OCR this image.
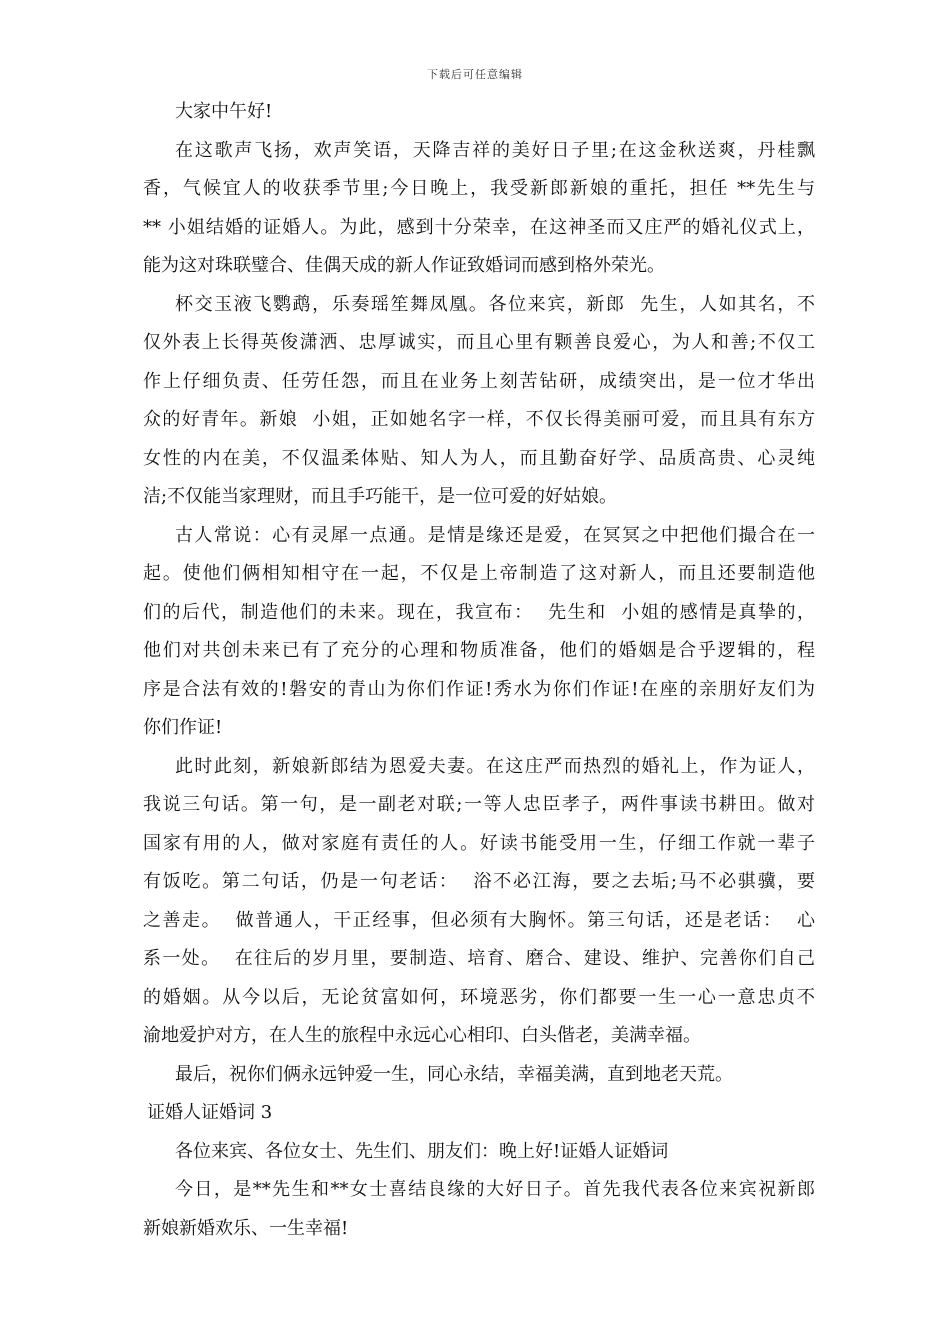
下载后可任意编辑
大家中午好!
在这歌声飞扬，欢声笑语，天降吉祥的美好日子里;在这金秋送爽，丹桂飘
香，气候宜人的收获季节里;今日晚上，我受新郎新娘的重托，担任 **先生与
** 小姐结婚的证婚人。为此，感到十分荣幸，在这神圣而又庄严的婚礼仪式上，
能为这对珠联璧合、佳偶天成的新人作证致婚词而感到格外荣光。
杯交玉液飞鹦鹉，乐奏瑶笙舞凤凰。各位来宾，新郎  先生，人如其名，不
仅外表上长得英俊潇洒、忠厚诚实，而且心里有颗善良爱心，为人和善;不仅工
作上仔细负责、任劳任怨，而且在业务上刻苦钻研，成绩突出，是一位才华出
众的好青年。新娘  小姐，正如她名字一样，不仅长得美丽可爱，而且具有东方
女性的内在美，不仅温柔体贴、知人为人，而且勤奋好学、品质高贵、心灵纯
洁;不仅能当家理财，而且手巧能干，是一位可爱的好姑娘。
古人常说：心有灵犀一点通。是情是缘还是爱，在冥冥之中把他们撮合在一
起。使他们俩相知相守在一起，不仅是上帝制造了这对新人，而且还要制造他
们的后代，制造他们的未来。现在，我宣布：  先生和  小姐的感情是真挚的，
他们对共创未来已有了充分的心理和物质准备，他们的婚姻是合乎逻辑的，程
序是合法有效的!磐安的青山为你们作证!秀水为你们作证!在座的亲朋好友们为
你们作证!
此时此刻，新娘新郎结为恩爱夫妻。在这庄严而热烈的婚礼上，作为证人，
我说三句话。第一句，是一副老对联;一等人忠臣孝子，两件事读书耕田。做对
国家有用的人，做对家庭有责任的人。好读书能受用一生，仔细工作就一辈子
有饭吃。第二句话，仍是一句老话：  浴不必江海，要之去垢;马不必骐骥，要
之善走。  做普通人，干正经事，但必须有大胸怀。第三句话，还是老话：  心
系一处。  在往后的岁月里，要制造、培育、磨合、建设、维护、完善你们自己
的婚姻。从今以后，无论贫富如何，环境恶劣，你们都要一生一心一意忠贞不
渝地爱护对方，在人生的旅程中永远心心相印、白头偕老，美满幸福。
最后，祝你们俩永远钟爱一生，同心永结，幸福美满，直到地老天荒。
证婚人证婚词 3
各位来宾、各位女士、先生们、朋友们：晚上好!证婚人证婚词
今日，是**先生和**女士喜结良缘的大好日子。首先我代表各位来宾祝新郎
新娘新婚欢乐、一生幸福!
